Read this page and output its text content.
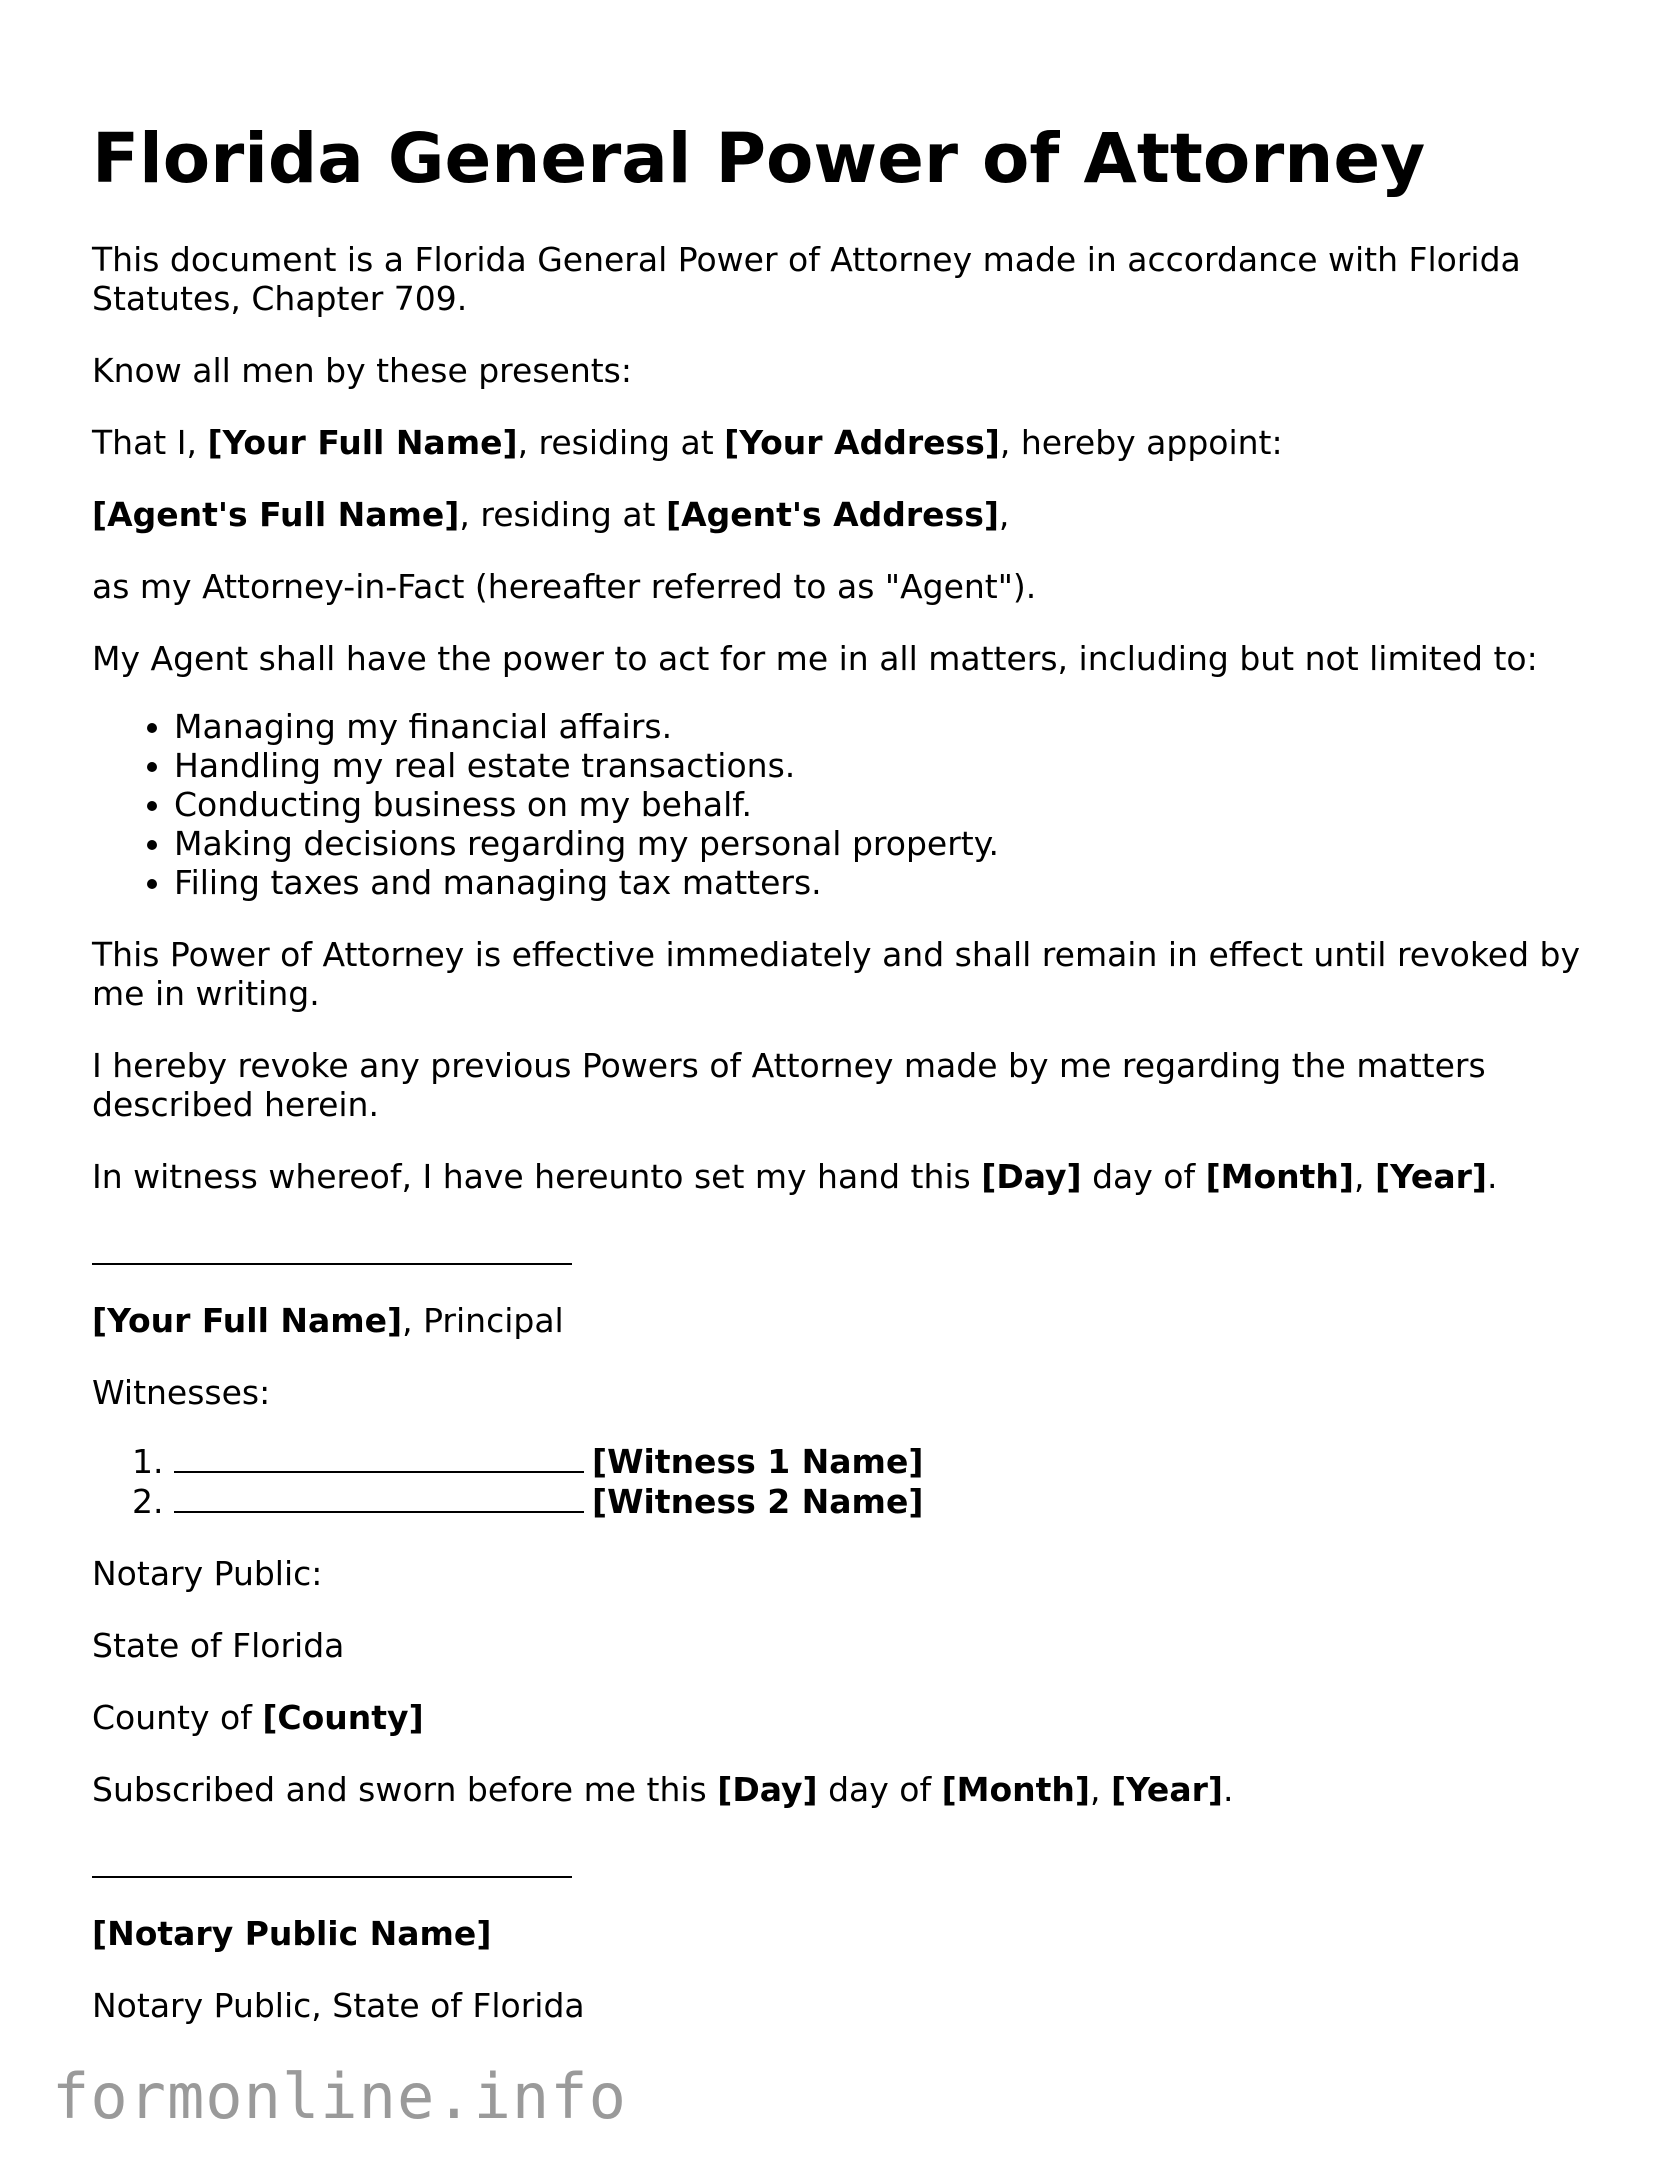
Florida General Power of Attorney

This document is a Florida General Power of Attorney made in accordance with Florida Statutes, Chapter 709.

Know all men by these presents:

That I, [Your Full Name], residing at [Your Address], hereby appoint:

[Agent's Full Name], residing at [Agent's Address],

as my Attorney-in-Fact (hereafter referred to as "Agent").

My Agent shall have the power to act for me in all matters, including but not limited to:

• Managing my financial affairs.
• Handling my real estate transactions.
• Conducting business on my behalf.
• Making decisions regarding my personal property.
• Filing taxes and managing tax matters.

This Power of Attorney is effective immediately and shall remain in effect until revoked by me in writing.

I hereby revoke any previous Powers of Attorney made by me regarding the matters described herein.

In witness whereof, I have hereunto set my hand this [Day] day of [Month], [Year].

[Your Full Name], Principal

Witnesses:

1. [Witness 1 Name]
2. [Witness 2 Name]

Notary Public:

State of Florida

County of [County]

Subscribed and sworn before me this [Day] day of [Month], [Year].

[Notary Public Name]

Notary Public, State of Florida

formonline.info
